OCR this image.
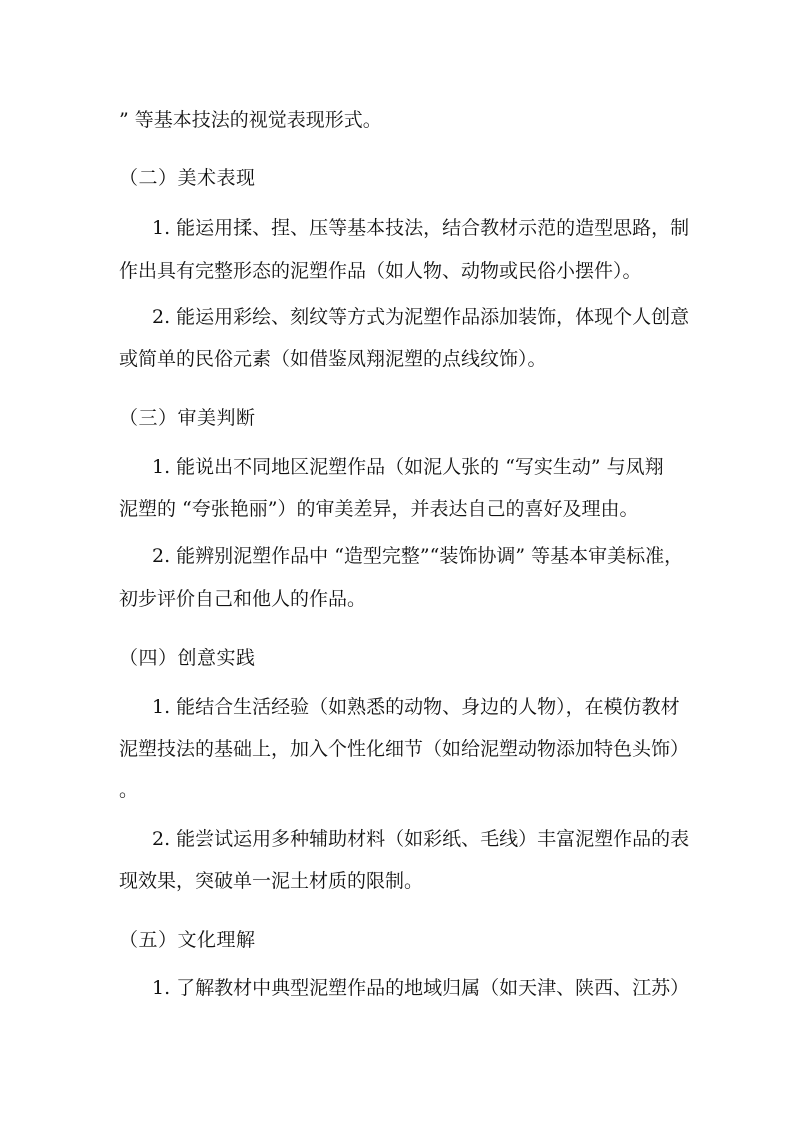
” 等基本技法的视觉表现形式。
（二）美术表现
1. 能运用揉、捏、压等基本技法，结合教材示范的造型思路，制
作出具有完整形态的泥塑作品（如人物、动物或民俗小摆件）。
2. 能运用彩绘、刻纹等方式为泥塑作品添加装饰，体现个人创意
或简单的民俗元素（如借鉴凤翔泥塑的点线纹饰）。
（三）审美判断
1. 能说出不同地区泥塑作品（如泥人张的 “写实生动” 与凤翔
泥塑的 “夸张艳丽”）的审美差异，并表达自己的喜好及理由。
2. 能辨别泥塑作品中 “造型完整”“装饰协调” 等基本审美标准，
初步评价自己和他人的作品。
（四）创意实践
1. 能结合生活经验（如熟悉的动物、身边的人物），在模仿教材
泥塑技法的基础上，加入个性化细节（如给泥塑动物添加特色头饰）
。
2. 能尝试运用多种辅助材料（如彩纸、毛线）丰富泥塑作品的表
现效果，突破单一泥土材质的限制。
（五）文化理解
1. 了解教材中典型泥塑作品的地域归属（如天津、陕西、江苏）
